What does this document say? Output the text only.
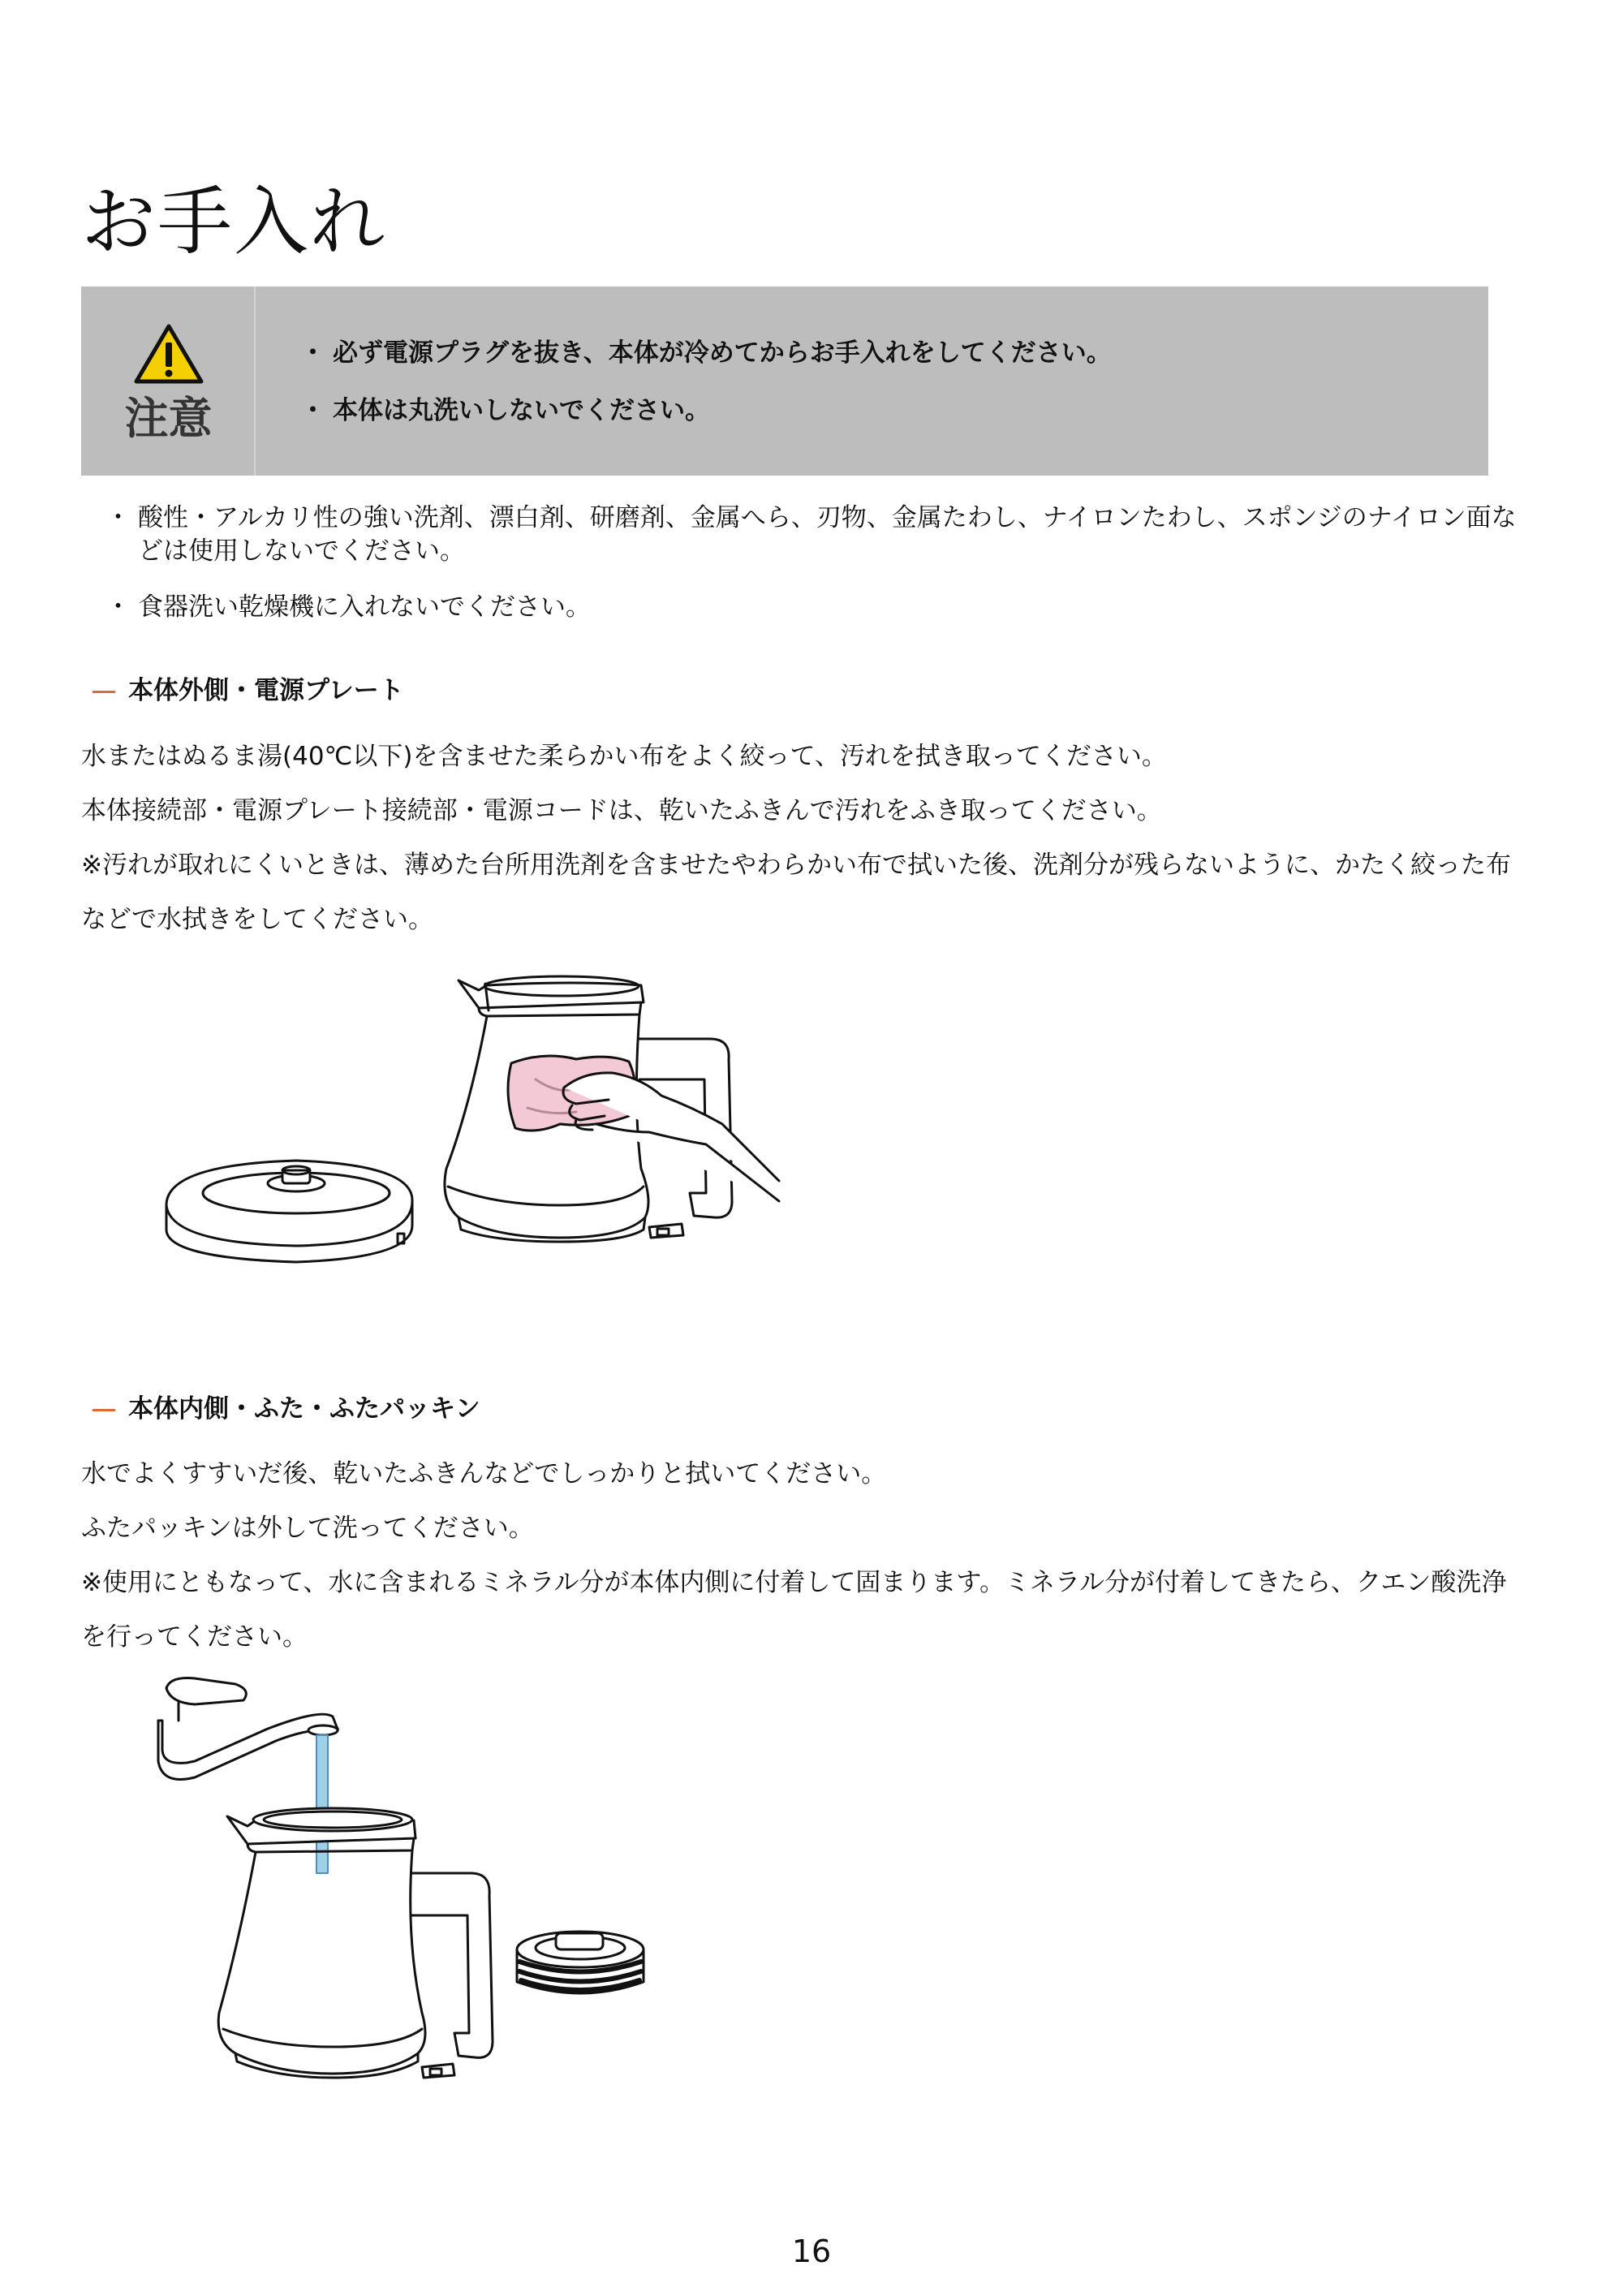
お手入れ
注意
・ 必ず電源プラグを抜き、本体が冷めてからお手入れをしてください。
・ 本体は丸洗いしないでください。
・ 酸性・アルカリ性の強い洗剤、漂白剤、研磨剤、金属へら、刃物、金属たわし、ナイロンたわし、スポンジのナイロン面などは使用しないでください。
・ 食器洗い乾燥機に入れないでください。
本体外側・電源プレート

水またはぬるま湯(40℃以下)を含ませた柔らかい布をよく絞って、汚れを拭き取ってください。

本体接続部・電源プレート接続部・電源コードは、乾いたふきんで汚れをふき取ってください。

※汚れが取れにくいときは、薄めた台所用洗剤を含ませたやわらかい布で拭いた後、洗剤分が残らないように、かたく絞った布などで水拭きをしてください。

本体内側・ふた・ふたパッキン

水でよくすすいだ後、乾いたふきんなどでしっかりと拭いてください。

ふたパッキンは外して洗ってください。

※使用にともなって、水に含まれるミネラル分が本体内側に付着して固まります。ミネラル分が付着してきたら、クエン酸洗浄を行ってください。

16
